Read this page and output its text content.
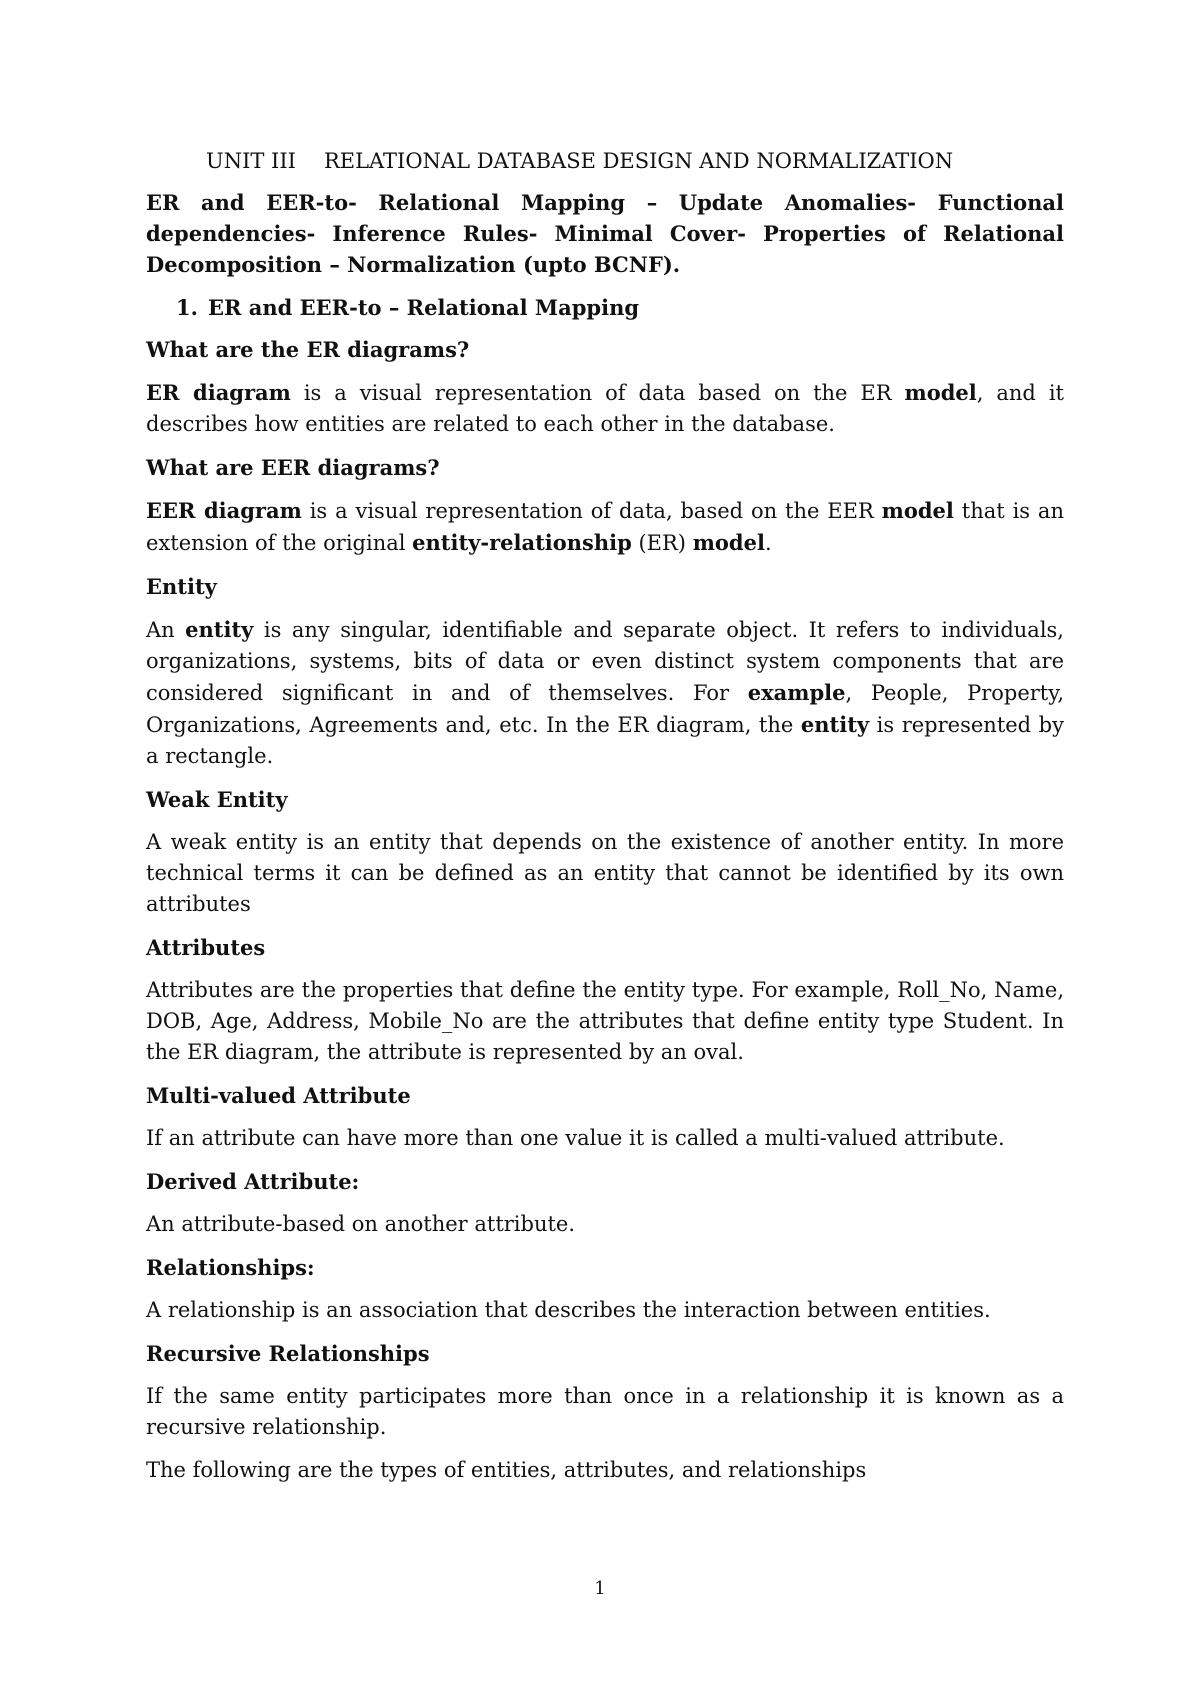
UNIT III RELATIONAL DATABASE DESIGN AND NORMALIZATION

ER and EER-to- Relational Mapping – Update Anomalies- Functional dependencies- Inference Rules- Minimal Cover- Properties of Relational Decomposition – Normalization (upto BCNF).

1. ER and EER-to – Relational Mapping

What are the ER diagrams?

ER diagram is a visual representation of data based on the ER model, and it describes how entities are related to each other in the database.

What are EER diagrams?

EER diagram is a visual representation of data, based on the EER model that is an extension of the original entity-relationship (ER) model.

Entity

An entity is any singular, identifiable and separate object. It refers to individuals, organizations, systems, bits of data or even distinct system components that are considered significant in and of themselves. For example, People, Property, Organizations, Agreements and, etc. In the ER diagram, the entity is represented by a rectangle.

Weak Entity

A weak entity is an entity that depends on the existence of another entity. In more technical terms it can be defined as an entity that cannot be identified by its own attributes

Attributes

Attributes are the properties that define the entity type. For example, Roll_No, Name, DOB, Age, Address, Mobile_No are the attributes that define entity type Student. In the ER diagram, the attribute is represented by an oval.

Multi-valued Attribute

If an attribute can have more than one value it is called a multi-valued attribute.

Derived Attribute:

An attribute-based on another attribute.

Relationships:

A relationship is an association that describes the interaction between entities.

Recursive Relationships

If the same entity participates more than once in a relationship it is known as a recursive relationship.

The following are the types of entities, attributes, and relationships

1
